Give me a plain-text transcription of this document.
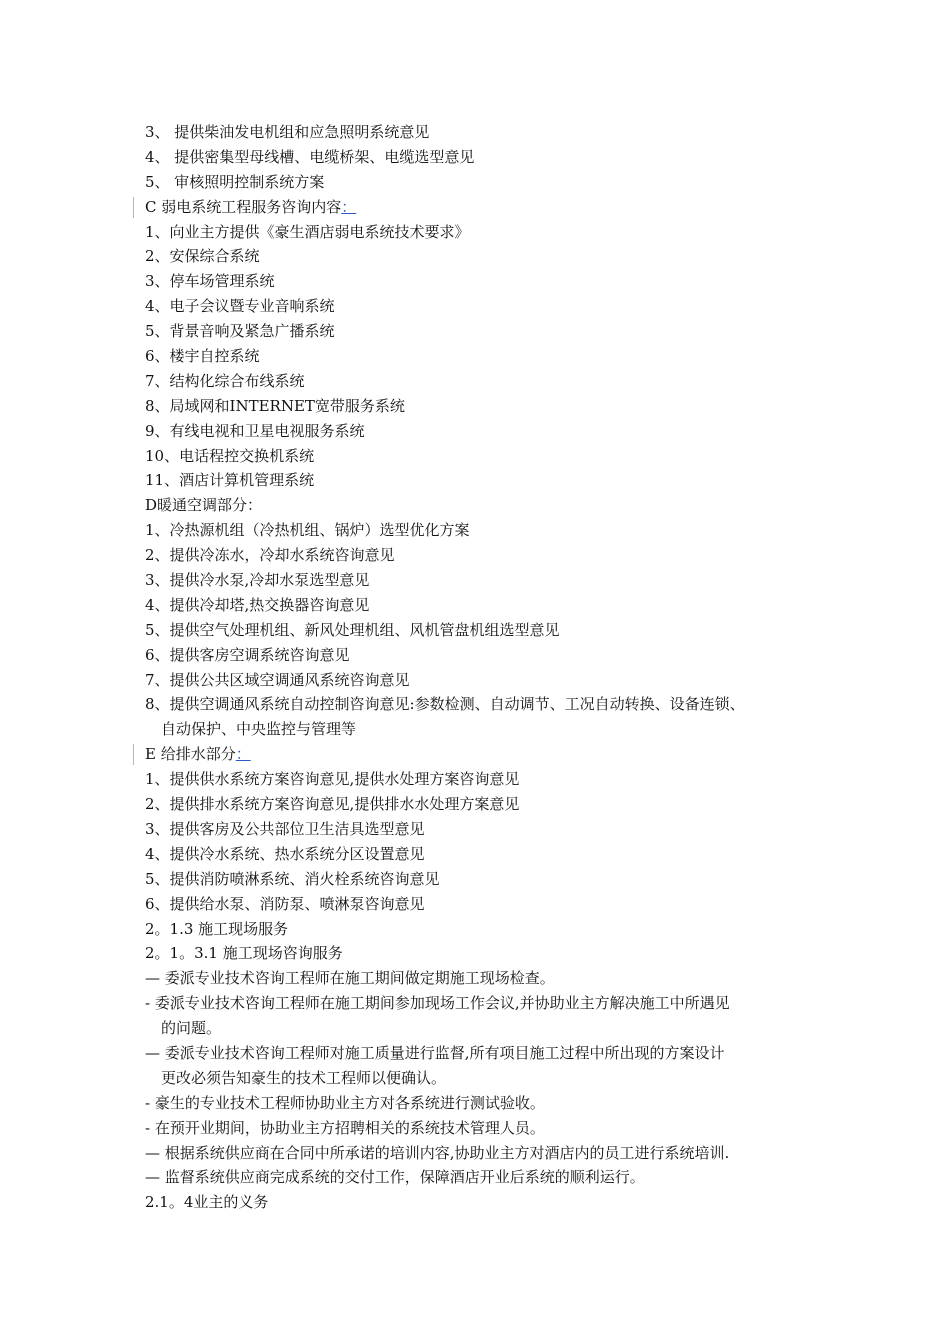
3、 提供柴油发电机组和应急照明系统意见
4、 提供密集型母线槽、电缆桥架、电缆选型意见
5、 审核照明控制系统方案
C 弱电系统工程服务咨询内容：
1、向业主方提供《豪生酒店弱电系统技术要求》
2、安保综合系统
3、停车场管理系统
4、电子会议暨专业音响系统
5、背景音响及紧急广播系统
6、楼宇自控系统
7、结构化综合布线系统
8、局域网和INTERNET宽带服务系统
9、有线电视和卫星电视服务系统
10、电话程控交换机系统
11、酒店计算机管理系统
D暖通空调部分：
1、冷热源机组（冷热机组、锅炉）选型优化方案
2、提供冷冻水，冷却水系统咨询意见
3、提供冷水泵,冷却水泵选型意见
4、提供冷却塔,热交换器咨询意见
5、提供空气处理机组、新风处理机组、风机管盘机组选型意见
6、提供客房空调系统咨询意见
7、提供公共区域空调通风系统咨询意见
8、提供空调通风系统自动控制咨询意见:参数检测、自动调节、工况自动转换、设备连锁、
自动保护、中央监控与管理等
E 给排水部分：
1、提供供水系统方案咨询意见,提供水处理方案咨询意见
2、提供排水系统方案咨询意见,提供排水水处理方案意见
3、提供客房及公共部位卫生洁具选型意见
4、提供冷水系统、热水系统分区设置意见
5、提供消防喷淋系统、消火栓系统咨询意见
6、提供给水泵、消防泵、喷淋泵咨询意见
2。1.3 施工现场服务
2。1。3.1 施工现场咨询服务
— 委派专业技术咨询工程师在施工期间做定期施工现场检查。
- 委派专业技术咨询工程师在施工期间参加现场工作会议,并协助业主方解决施工中所遇见
的问题。
— 委派专业技术咨询工程师对施工质量进行监督,所有项目施工过程中所出现的方案设计
更改必须告知豪生的技术工程师以便确认。
- 豪生的专业技术工程师协助业主方对各系统进行测试验收。
- 在预开业期间，协助业主方招聘相关的系统技术管理人员。
— 根据系统供应商在合同中所承诺的培训内容,协助业主方对酒店内的员工进行系统培训.
— 监督系统供应商完成系统的交付工作，保障酒店开业后系统的顺利运行。
2.1。4业主的义务
